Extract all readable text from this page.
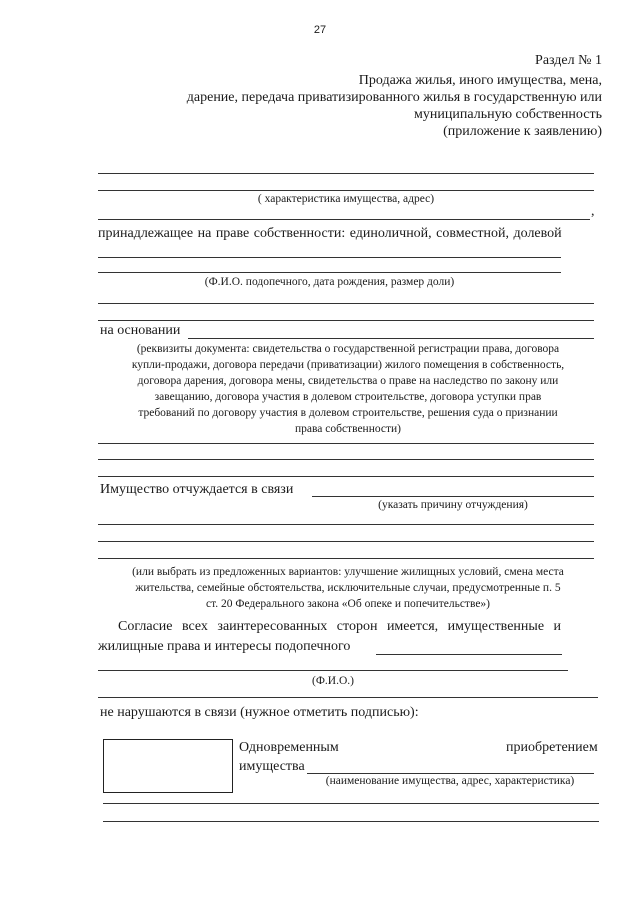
27
Раздел № 1
Продажа жилья, иного имущества, мена,
дарение, передача приватизированного жилья в государственную или
муниципальную собственность
(приложение к заявлению)
( характеристика имущества, адрес)
,
принадлежащее на праве собственности: единоличной, совместной, долевой
(Ф.И.О. подопечного, дата рождения, размер доли)
на основании
(реквизиты документа: свидетельства о государственной регистрации права, договора
купли-продажи, договора передачи (приватизации) жилого помещения в собственность,
договора дарения, договора мены, свидетельства о праве на наследство по закону или
завещанию, договора участия в долевом строительстве, договора уступки прав
требований по договору участия в долевом строительстве, решения суда о признании
права собственности)
Имущество отчуждается в связи
(указать причину отчуждения)
(или выбрать из предложенных вариантов: улучшение жилищных условий, смена места
жительства, семейные обстоятельства, исключительные случаи, предусмотренные п. 5
ст. 20 Федерального закона «Об опеке и попечительстве»)
Согласие всех заинтересованных сторон имеется, имущественные и
жилищные права и интересы подопечного
(Ф.И.О.)
не нарушаются в связи (нужное отметить подписью):
Одновременным	приобретением
имущества
(наименование имущества, адрес, характеристика)
